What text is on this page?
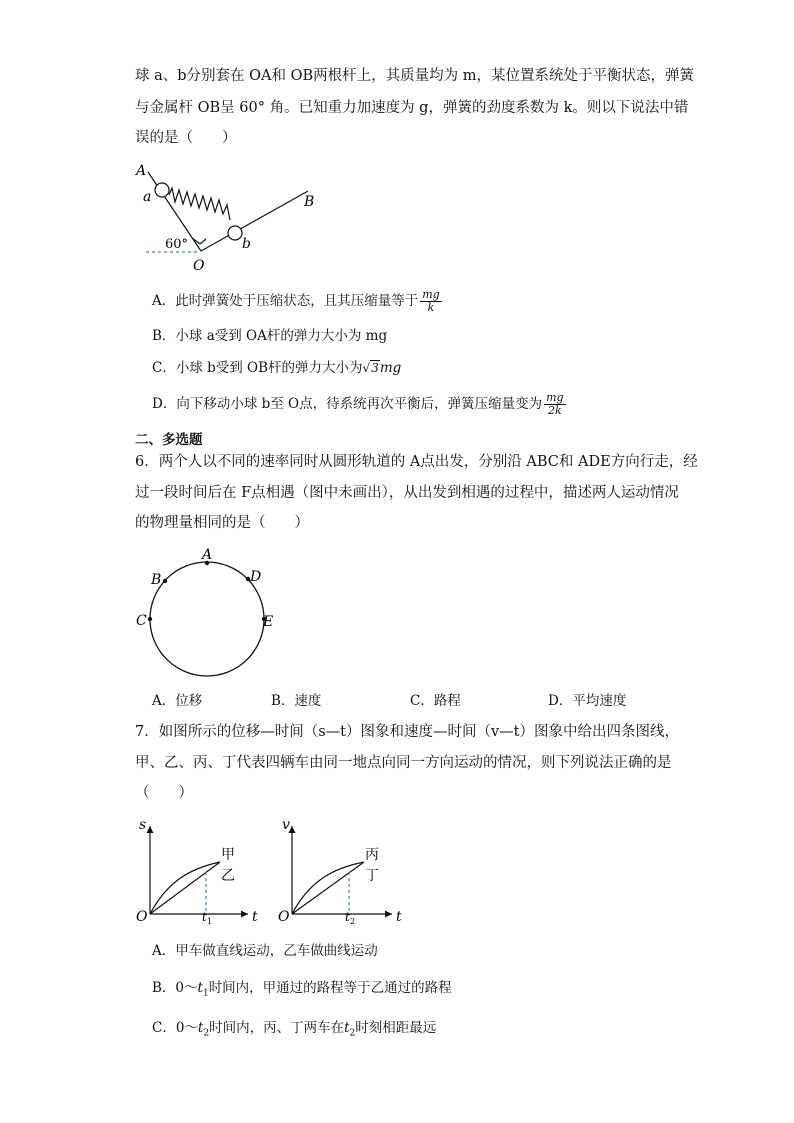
球 a、b分别套在 OA和 OB两根杆上，其质量均为 m，某位置系统处于平衡状态，弹簧
与金属杆 OB呈 60° 角。已知重力加速度为 g，弹簧的劲度系数为 k。则以下说法中错
误的是（　　）
A
a	B
b
O
60°
A．此时弹簧处于压缩状态，且其压缩量等于 $\frac{mg}{k}$
B．小球 a受到 OA杆的弹力大小为 mg
C．小球 b受到 OB杆的弹力大小为√3mg
D．向下移动小球 b至 O点，待系统再次平衡后，弹簧压缩量变为 $\frac{mg}{2k}$
二、多选题
6．两个人以不同的速率同时从圆形轨道的 A点出发，分别沿 ABC和 ADE方向行走，经
过一段时间后在 F点相遇（图中未画出），从出发到相遇的过程中，描述两人运动情况
的物理量相同的是（　　）
A
B
C
D
E
A．位移	B．速度	C．路程	D．平均速度
7．如图所示的位移—时间（s—t）图象和速度—时间（v—t）图象中给出四条图线，
甲、乙、丙、丁代表四辆车由同一地点向同一方向运动的情况，则下列说法正确的是
（　　）
s
t
O	t 1
甲
乙
v
t
O	t 2
丙
丁
A．甲车做直线运动，乙车做曲线运动
B．$0\sim t_1$时间内，甲通过的路程等于乙通过的路程
C．$0\sim t_2$时间内，丙、丁两车在$t_2$时刻相距最远
